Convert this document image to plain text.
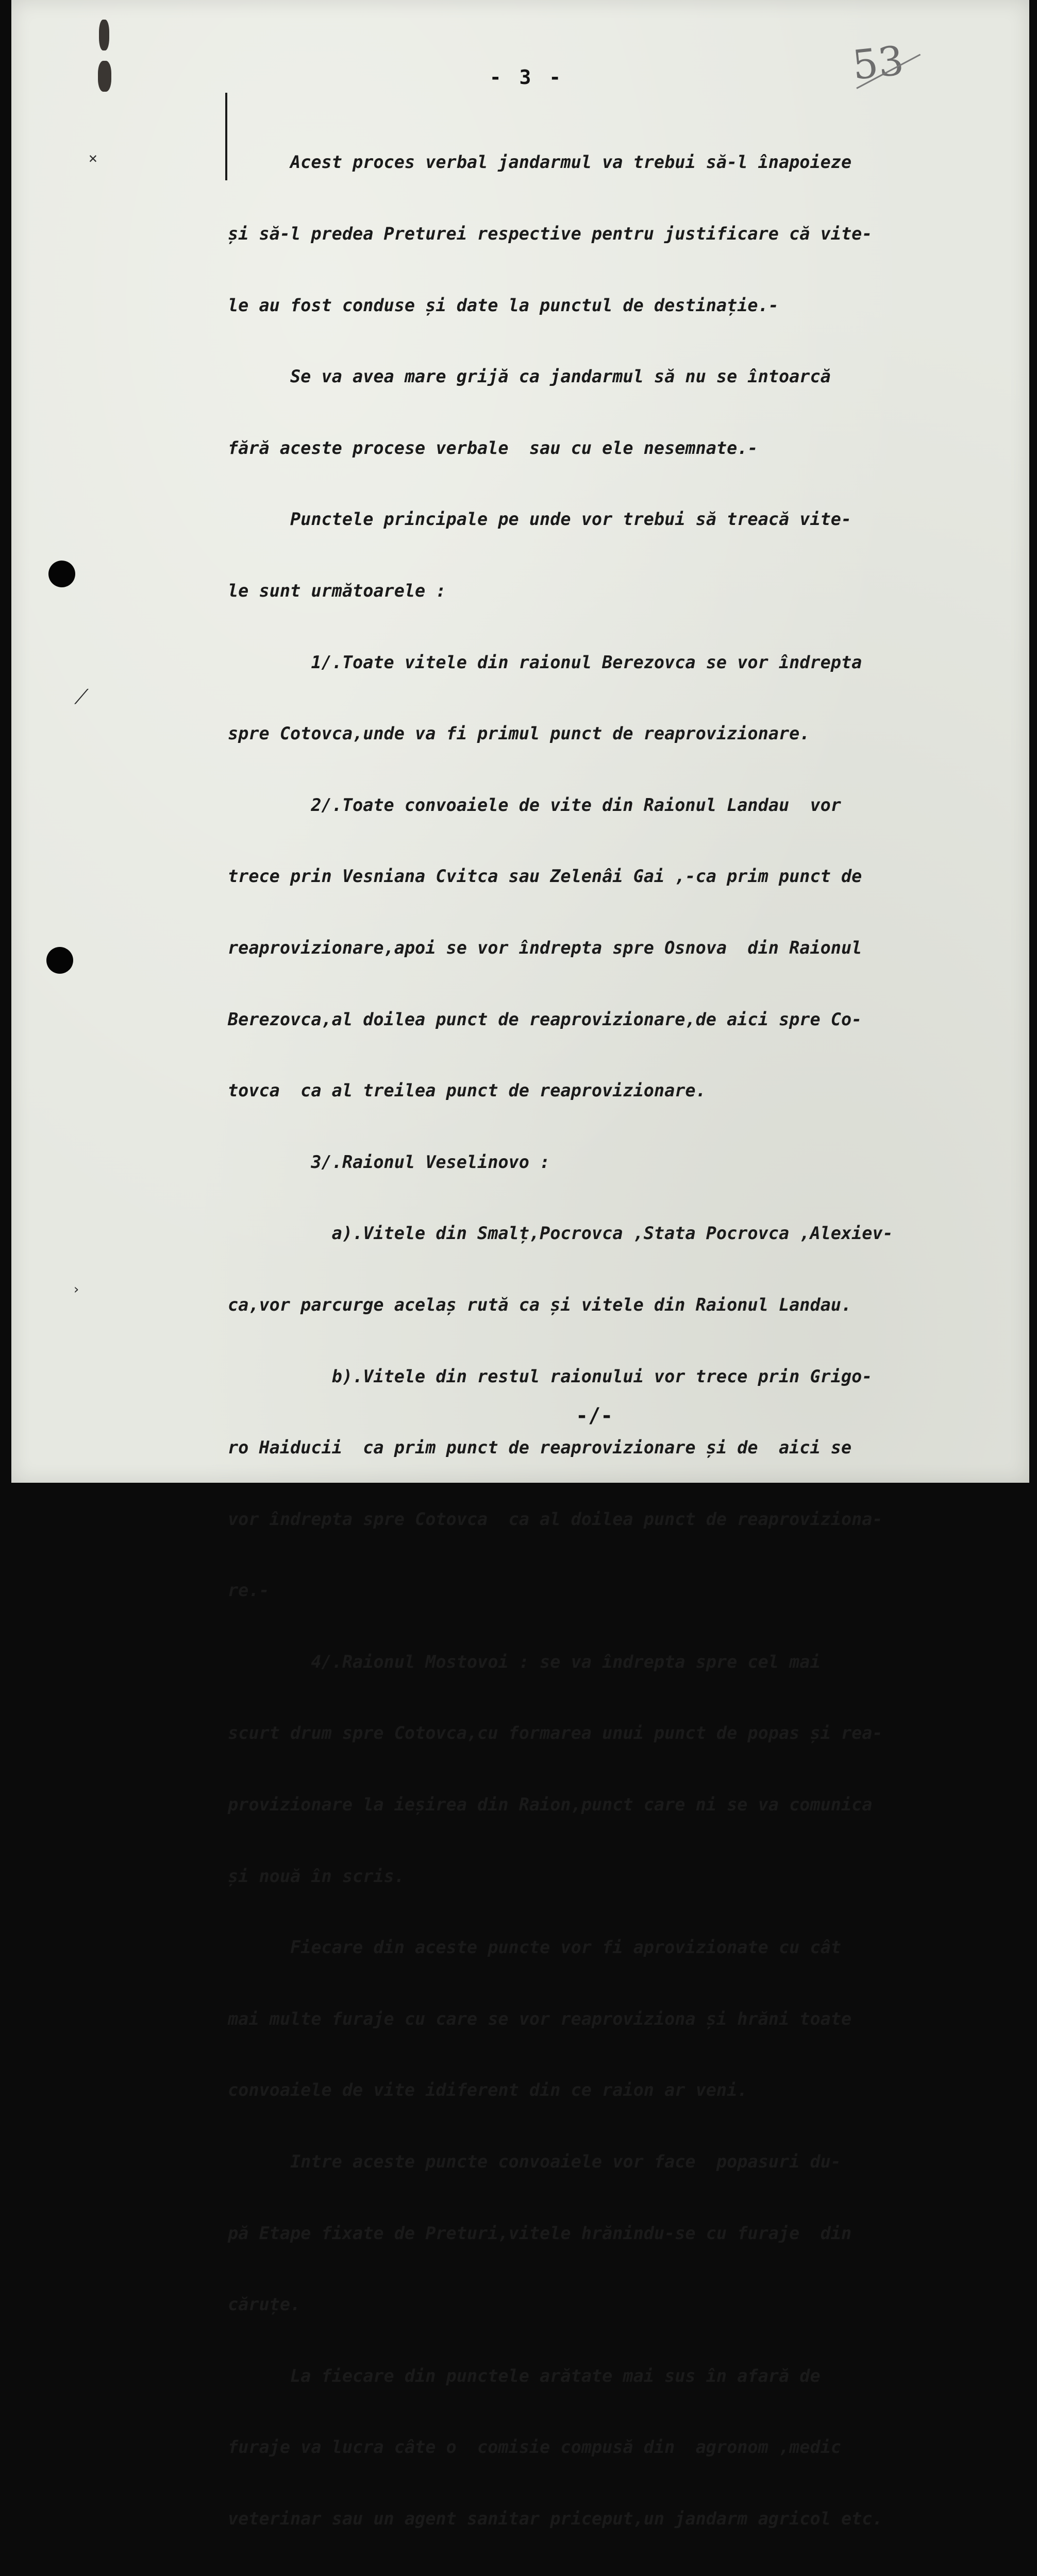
✕
⟋
›
53
- 3 -

Acest proces verbal jandarmul va trebui să-l înapoieze

și să-l predea Preturei respective pentru justificare că vite-

le au fost conduse și date la punctul de destinație.-

Se va avea mare grijă ca jandarmul să nu se întoarcă

fără aceste procese verbale  sau cu ele nesemnate.-

Punctele principale pe unde vor trebui să treacă vite-

le sunt următoarele :

1/.Toate vitele din raionul Berezovca se vor îndrepta

spre Cotovca,unde va fi primul punct de reaprovizionare.

2/.Toate convoaiele de vite din Raionul Landau  vor

trece prin Vesniana Cvitca sau Zelenâi Gai ,-ca prim punct de

reaprovizionare,apoi se vor îndrepta spre Osnova  din Raionul

Berezovca,al doilea punct de reaprovizionare,de aici spre Co-

tovca  ca al treilea punct de reaprovizionare.

3/.Raionul Veselinovo :

a).Vitele din Smalț,Pocrovca ,Stata Pocrovca ,Alexiev-

ca,vor parcurge acelaș rută ca și vitele din Raionul Landau.

b).Vitele din restul raionului vor trece prin Grigo-

ro Haiducii  ca prim punct de reaprovizionare și de  aici se

vor îndrepta spre Cotovca  ca al doilea punct de reaprovizionа-

re.-

4/.Raionul Mostovoi : se va îndrepta spre cel mai

scurt drum spre Cotovca,cu formarea unui punct de popas și rea-

provizionare la ieșirea din Raion,punct care ni se va comunica

și nouă în scris.

Fiecare din aceste puncte vor fi aprovizionate cu cât

mai multe furaje cu care se vor reaproviziona și hrăni toate

convoaiele de vite idiferent din ce raion ar veni.

Intre aceste puncte convoaiele vor face  popasuri du-

pă Etape fixate de Preturi,vitele hrănindu-se cu furaje  din

căruțe.

La fiecare din punctele arătate mai sus în afară de

furaje va lucra câte o  comisie compusă din  agronom ,medic

veterinar sau un agent sanitar priceput,un jandarm agricol etc.

-/-
